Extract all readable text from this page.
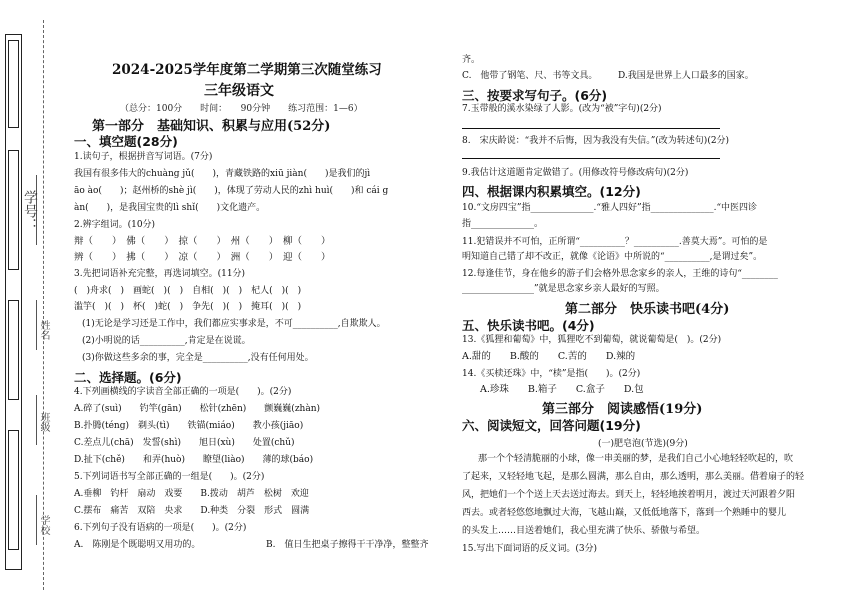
学号：
姓名
班级
学校
2024-2025学年度第二学期第三次随堂练习
三年级语文
（总分：100分　　时间：　　90分钟　　练习范围：1—6）
第一部分　基础知识、积累与应用(52分)
一、填空题(28分)
1.读句子，根据拼音写词语。(7分)
我国有很多伟大的chuàng jǔ(　　)，青藏铁路的xiū jiàn(　　)是我们的jì
āo ào(　　)；赵州桥的shè jì(　　)，体现了劳动人民的zhì huì(　　)和 cái g
àn(　　)，是我国宝贵的lì shǐ(　　)文化遗产。
2.辨字组词。(10分)
辩（　　）　佛（　　）　掠（　　）　州（　　）　柳（　　）
辨（　　）　拂（　　）　凉（　　）　洲（　　）　迎（　　）
3.先把词语补充完整，再选词填空。(11分)
(　)舟求(　)　画蛇(　)(　)　自相(　)(　)　杞人(　)(　)
滥竽(　)(　)　杯(　)蛇(　)　争先(　)(　)　掩耳(　)(　)
(1)无论是学习还是工作中，我们都应实事求是，不可__________,自欺欺人。
(2)小明说的话__________,肯定是在说谎。
(3)你做这些多余的事，完全是__________,没有任何用处。
二、选择题。(6分)
4.下列画横线的字读音全部正确的一项是(　　)。(2分)
A.碎了(suì)　　钓竿(gān)　　松针(zhēn)　　颤巍巍(zhàn)
B.扑腾(téng)　剃头(tì)　　铁锚(miáo)　　教小孩(jiāo)
C.差点儿(chā)　发誓(shì)　　旭日(xù)　　处置(chǔ)
D.扯下(chě)　　和弄(huò)　　瞭望(liào)　　薄的球(báo)
5.下列词语书写全部正确的一组是(　　)。(2分)
A.垂柳　钓杆　扇动　戏要　　B.拨动　胡芦　松树　欢迎
C.摆布　痛苦　双陪　央求　　D.种类　分裂　形式　圆满
6.下列句子没有语病的一项是(　　)。(2分)
A.　陈刚是个既聪明又用功的。	B.　值日生把桌子擦得干干净净，整整齐
齐。
C.　他带了钢笔、尺、书等文具。 D.我国是世界上人口最多的国家。
三、按要求写句子。(6分)
7.玉带般的溪水染绿了人影。(改为“被”字句)(2分)
8.　宋庆龄说：“我并不后悔，因为我没有失信。”(改为转述句)(2分)
9.我估计这道题肯定做错了。(用修改符号修改病句)(2分)
四、根据课内积累填空。(12分)
10.“文房四宝”指______________.“雅人四好”指______________.“中医四诊
指______________。
11.犯错误并不可怕，正所谓“__________？__________.善莫大焉”。可怕的是
明知道自己错了却不改正，就像《论语》中所说的“__________,是谓过矣”。
12.每逢佳节，身在他乡的游子们会格外思念家乡的亲人，王维的诗句“________
________________”就是思念家乡亲人最好的写照。
第二部分　快乐读书吧(4分)
五、快乐读书吧。(4分)
13.《狐狸和葡萄》中，狐狸吃不到葡萄，就说葡萄是(　)。(2分)
A.甜的　　B.酸的　　C.苦的　　D.辣的
14.《买椟还珠》中，“椟”是指(　　)。(2分)
A.珍珠　　B.箱子　　C.盒子　　D.包
第三部分　阅读感悟(19分)
六、阅读短文，回答问题(19分)
(一)肥皂泡(节选)(9分)
那一个个轻清脆丽的小球，像一串美丽的梦，是我们自己小心地轻轻吹起的，吹
了起来，又轻轻地飞起，是那么圆满，那么自由，那么透明，那么美丽。借着扇子的轻
风，把她们一个个送上天去送过海去。到天上，轻轻地挨着明月，渡过天河跟着夕阳
西去。或者轻悠悠地飘过大海，飞越山巅，又低低地落下，落到一个熟睡中的婴儿
的头发上……目送着她们，我心里充满了快乐、骄傲与希望。
15.写出下面词语的反义词。(3分)
